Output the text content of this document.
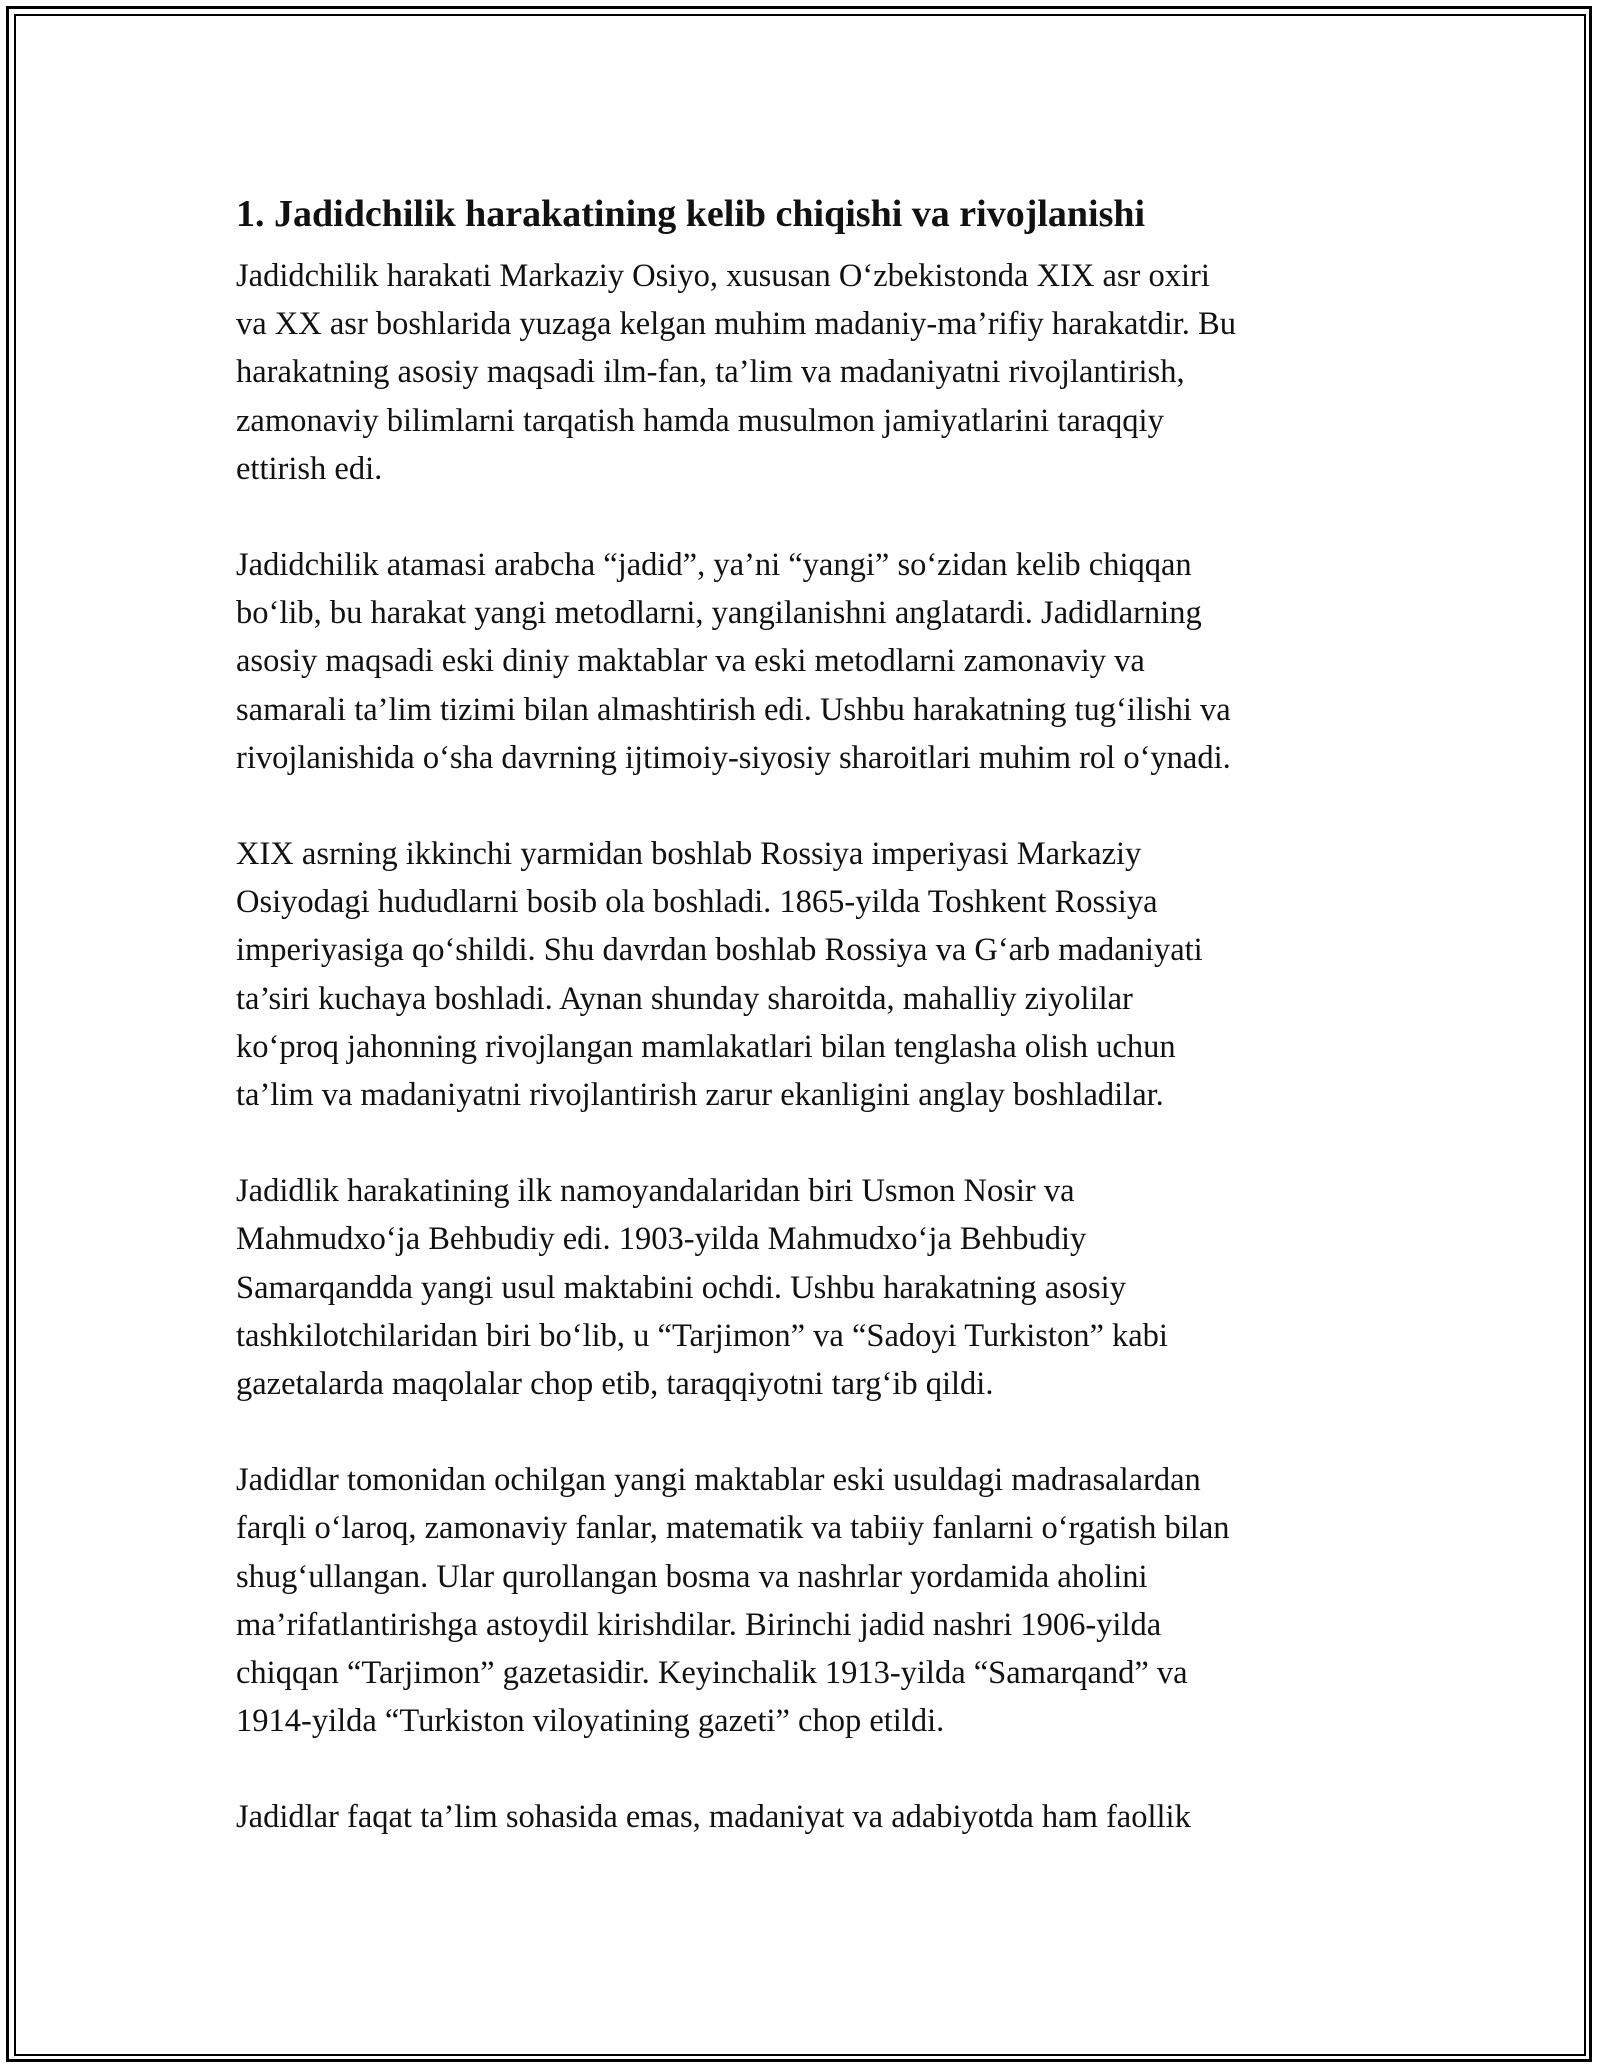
1. Jadidchilik harakatining kelib chiqishi va rivojlanishi

Jadidchilik harakati Markaziy Osiyo, xususan O‘zbekistonda XIX asr oxiri
va XX asr boshlarida yuzaga kelgan muhim madaniy-ma’rifiy harakatdir. Bu
harakatning asosiy maqsadi ilm-fan, ta’lim va madaniyatni rivojlantirish,
zamonaviy bilimlarni tarqatish hamda musulmon jamiyatlarini taraqqiy
ettirish edi.

Jadidchilik atamasi arabcha “jadid”, ya’ni “yangi” so‘zidan kelib chiqqan
bo‘lib, bu harakat yangi metodlarni, yangilanishni anglatardi. Jadidlarning
asosiy maqsadi eski diniy maktablar va eski metodlarni zamonaviy va
samarali ta’lim tizimi bilan almashtirish edi. Ushbu harakatning tug‘ilishi va
rivojlanishida o‘sha davrning ijtimoiy-siyosiy sharoitlari muhim rol o‘ynadi.

XIX asrning ikkinchi yarmidan boshlab Rossiya imperiyasi Markaziy
Osiyodagi hududlarni bosib ola boshladi. 1865-yilda Toshkent Rossiya
imperiyasiga qo‘shildi. Shu davrdan boshlab Rossiya va G‘arb madaniyati
ta’siri kuchaya boshladi. Aynan shunday sharoitda, mahalliy ziyolilar
ko‘proq jahonning rivojlangan mamlakatlari bilan tenglasha olish uchun
ta’lim va madaniyatni rivojlantirish zarur ekanligini anglay boshladilar.

Jadidlik harakatining ilk namoyandalaridan biri Usmon Nosir va
Mahmudxo‘ja Behbudiy edi. 1903-yilda Mahmudxo‘ja Behbudiy
Samarqandda yangi usul maktabini ochdi. Ushbu harakatning asosiy
tashkilotchilaridan biri bo‘lib, u “Tarjimon” va “Sadoyi Turkiston” kabi
gazetalarda maqolalar chop etib, taraqqiyotni targ‘ib qildi.

Jadidlar tomonidan ochilgan yangi maktablar eski usuldagi madrasalardan
farqli o‘laroq, zamonaviy fanlar, matematik va tabiiy fanlarni o‘rgatish bilan
shug‘ullangan. Ular qurollangan bosma va nashrlar yordamida aholini
ma’rifatlantirishga astoydil kirishdilar. Birinchi jadid nashri 1906-yilda
chiqqan “Tarjimon” gazetasidir. Keyinchalik 1913-yilda “Samarqand” va
1914-yilda “Turkiston viloyatining gazeti” chop etildi.

Jadidlar faqat ta’lim sohasida emas, madaniyat va adabiyotda ham faollik
